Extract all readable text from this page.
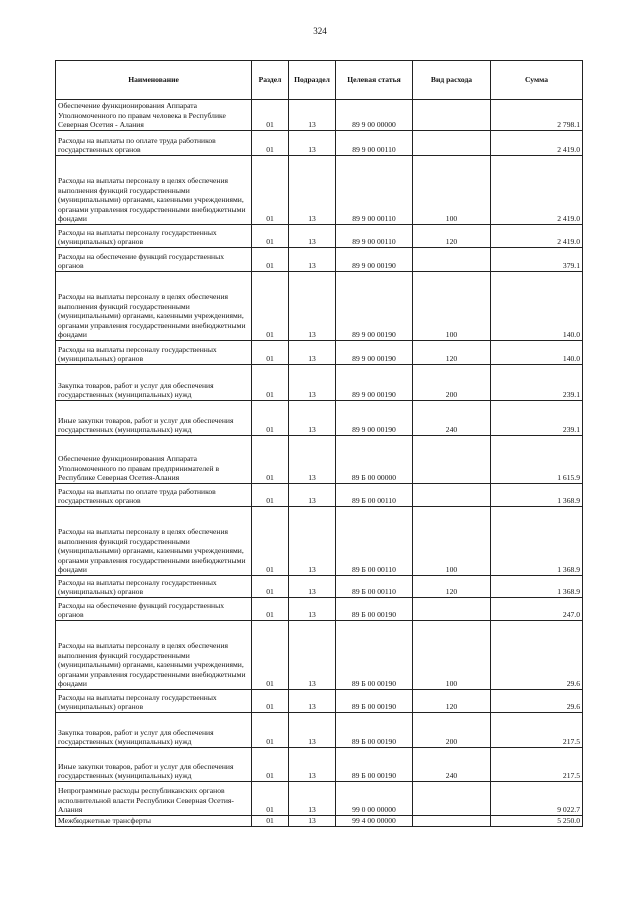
324
Наименование	Раздел	Подраздел	Целевая статья	Вид расхода	Сумма
Обеспечение функционирования Аппарата Уполномоченного по правам человека в Республике Северная Осетия - Алания	01	13	89 9 00 00000		2 798.1
Расходы на выплаты по оплате труда работников государственных органов	01	13	89 9 00 00110		2 419.0
Расходы на выплаты персоналу в целях обеспечения выполнения функций государственными (муниципальными) органами, казенными учреждениями, органами управления государственными внебюджетными фондами	01	13	89 9 00 00110	100	2 419.0
Расходы на выплаты персоналу государственных (муниципальных) органов	01	13	89 9 00 00110	120	2 419.0
Расходы на обеспечение функций государственных органов	01	13	89 9 00 00190		379.1
Расходы на выплаты персоналу в целях обеспечения выполнения функций государственными (муниципальными) органами, казенными учреждениями, органами управления государственными внебюджетными фондами	01	13	89 9 00 00190	100	140.0
Расходы на выплаты персоналу государственных (муниципальных) органов	01	13	89 9 00 00190	120	140.0
Закупка товаров, работ и услуг для обеспечения государственных (муниципальных) нужд	01	13	89 9 00 00190	200	239.1
Иные закупки товаров, работ и услуг для обеспечения государственных (муниципальных) нужд	01	13	89 9 00 00190	240	239.1
Обеспечение функционирования Аппарата Уполномоченного по правам предпринимателей в Республике Северная Осетия-Алания	01	13	89 Б 00 00000		1 615.9
Расходы на выплаты по оплате труда работников государственных органов	01	13	89 Б 00 00110		1 368.9
Расходы на выплаты персоналу в целях обеспечения выполнения функций государственными (муниципальными) органами, казенными учреждениями, органами управления государственными внебюджетными фондами	01	13	89 Б 00 00110	100	1 368.9
Расходы на выплаты персоналу государственных (муниципальных) органов	01	13	89 Б 00 00110	120	1 368.9
Расходы на обеспечение функций государственных органов	01	13	89 Б 00 00190		247.0
Расходы на выплаты персоналу в целях обеспечения выполнения функций государственными (муниципальными) органами, казенными учреждениями, органами управления государственными внебюджетными фондами	01	13	89 Б 00 00190	100	29.6
Расходы на выплаты персоналу государственных (муниципальных) органов	01	13	89 Б 00 00190	120	29.6
Закупка товаров, работ и услуг для обеспечения государственных (муниципальных) нужд	01	13	89 Б 00 00190	200	217.5
Иные закупки товаров, работ и услуг для обеспечения государственных (муниципальных) нужд	01	13	89 Б 00 00190	240	217.5
Непрограммные расходы республиканских органов исполнительной власти Республики Северная Осетия-Алания	01	13	99 0 00 00000		9 022.7
Межбюджетные трансферты	01	13	99 4 00 00000		5 250.0
